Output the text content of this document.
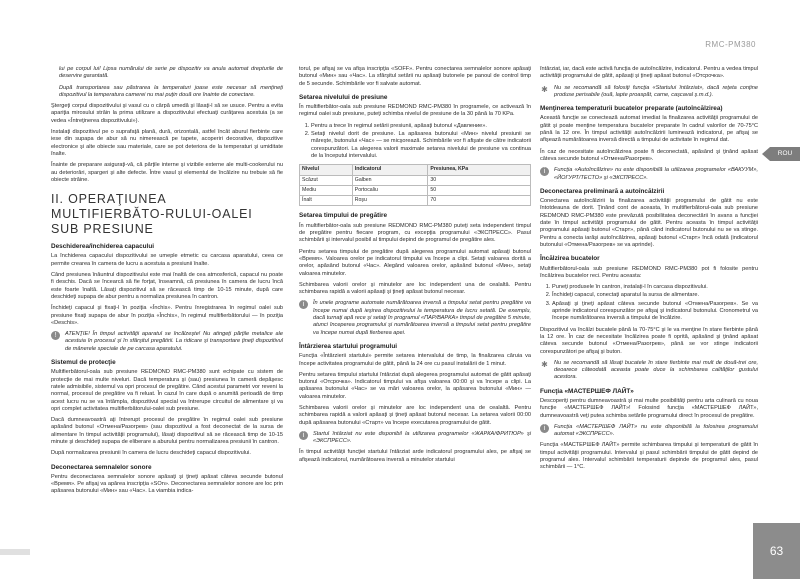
RMC-PM380
ROU
63

lui pe corpul lui! Lipsa numărului de serie pe dispozitiv va anula automat drepturile de deservire garantată.

După transportarea sau păstrarea la temperaturi joase este necesar să menţineţi dispozitivul la temperatura camerei nu mai puţin două ore înainte de conectare.

Ştergeţi corpul dispozitivului şi vasul cu o cârpă umedă şi lăsaţi-l să se usuce. Pentru a evita apariţia mirosului străin la prima utilizare a dispozitivului efectuaţi curăţarea acestuia (a se vedea «Întreţinerea dispozitivului»).

Instalaţi dispozitivul pe o suprafaţă plană, dură, orizontală, astfel încât aburul fierbinte care iese din supapa de abur să nu nimerească pe tapete, acoperiri decorative, dispozitive electronice şi alte obiecte sau materiale, care se pot deteriora de la temperaturi şi umiditate înalte.

Înainte de preparare asiguraţi-vă, că părţile interne şi vizibile externe ale multi-cookerului nu au deteriorări, spargeri şi alte defecte. Între vasul şi elementul de încălzire nu trebuie să fie obiecte străine.

II. OPERAŢIUNEA MULTIFIERBĂTO-RULUI-OALEI SUB PRESIUNE
Deschiderea/închiderea capacului

La închiderea capacului dispozitivului se umeple etmetic cu carcasa aparatului, ceea ce permite crearea în camera de lucru a acestuia a presiunii înalte.

Când presiunea înăuntrul dispozitivului este mai înaltă de cea atmosferică, capacul nu poate fi deschis. Dacă se încearcă să fie forţat, înseamnă, că presiunea în camera de lucru încă este foarte înaltă. Lăsaţi dispozitivul să se răcească timp de 10-15 minute, după care deschideţi supapa de abur pentru a normaliza presiunea în cantron.

Închideţi capacul şi fixaţi-l în poziţia «Închis». Pentru înregistrarea în regimul oalei sub presiune fixaţi supapa de abur în poziţia «Închis», în regimul multifierbătorului — în poziţia «Deschis».

!	ATENŢIE! În timpul activităţii aparatul se încălzeşte! Nu atingeţi părţile metalice ale acestuia în procesul şi în sfârşitul pregătirii. La ridicare şi transportare ţineţi dispozitivul de mânerele speciale de pe carcasa aparatului.
Sistemul de protecţie

Multifierbătorul-oala sub presiune REDMOND RMC-PM380 sunt echipate cu sistem de protecţie de mai multe niveluri. Dacă temperatura şi (sau) presiunea în cameră depăşesc ratele admisibile, sistemul va opri procesul de pregătire. Când acestui parametri vor reveni la normal, procesul de pregătire va fi reluat. În cazul în care după o anumită perioadă de timp acest lucru nu se va întâmpla, dispozitivul special va întrerupe circuitul de alimentare şi va opri complet activitatea multifierbătorului-oalei sub presiune.

Dacă dumneavoastră aţi întrerupt procesul de pregătire în regimul oalei sub presiune apăsând butonul «Отмена/Разогрев» (sau dispozitivul a fost deconectat de la sursa de alimentare în timpul activităţii programului), lăsaţi dispozitivul să se răcească timp de 10-15 minute şi deschideţi supapa de eliberare a aburului pentru normalizarea presiunii în cantron.

După normalizarea presiunii în camera de lucru deschideţi capacul dispozitivului.

Deconectarea semnalelor sonore

Pentru deconectarea semnalelor sonore apăsaţi şi ţineţi apăsat câteva secunde butonul «Время». Pe afişaj va apărea inscripţia «SOn». Deconectarea semnalelor sonore are loc prin apăsarea butonului «Мин» sau «Час». La viambia indica-

torul, pe afişaj se va afişa inscripţia «SOFF». Pentru conectarea semnalelor sonore apăsaţi butonul «Мин» sau «Час». La sfârşitul setării nu apăsaţi butonele pe panoul de control timp de 5 secunde. Schimbările vor fi salvate automat.

Setarea nivelului de presiune

În multifierbător-oala sub presiune REDMOND RMC-PM380 în programele, ce activează în regimul oalei sub presiune, puteţi schimba nivelul de presiune de la 30 până la 70 KPa.

1. Pentru a trece în regimul setării presiunii, apăsaţi butonul «Давление».
2. Setaţi nivelul dorit de presiune. La apăsarea butonului «Мин» nivelul presiunii se măreşte, butonului «Час» — se micşorează. Schimbările vor fi afişate de către indicatorii corespunzători. La alegerea valorii maximale setarea nivelului de presiune va continua de la începutul intervalului.
Nivelul	Indicatorul	Presiunea, KPa
Scăzut	Galben	30
Mediu	Portocaliu	50
Înalt	Roşu	70
Setarea timpului de pregătire

În multifierbător-oala sub presiune REDMOND RMC-PM380 puteţi seta independent timpul de pregătire pentru fiecare program, cu excepţia programului «ЭКСПРЕСС». Pasul schimbării şi intervalul posibil al timpului depind de programul de pregătire ales.

Pentru setarea timpului de pregătire după alegerea programului automat apăsaţi butonul «Время». Valoarea orelor pe indicatorul timpului va începe a clipi. Setaţi valoarea dorită a orelor, apăsând butonul «Час». Alegând valoarea orelor, apăsând butonul «Мин», setaţi valoarea minutelor.

Schimbarea valorii orelor şi minutelor are loc independent una de cealaltă. Pentru schimbarea rapidă a valorii apăsaţi şi ţineţi apăsat butonul necesar.

i	În unele programe automate numărătoarea inversă a timpului setat pentru pregătire va începe numai după ieşirea dispozitivului la temperatura de lucru setată. De exemplu, dacă turnaţi apă rece şi setaţi în programul «ПАР/ВАРКА» timpul de pregătire 5 minute, atunci începerea programului şi numărătoarea inversă a timpului setat pentru pregătire va începe numai după fierberea apei.
Întârzierea startului programului

Funcţia «Întârzierii startului» permite setarea intervalului de timp, la finalizarea căruia va începe activitatea programului de gătit, până la 24 ore cu pasul instalării de 1 minut.

Pentru setarea timpului startului întârziat după alegerea programului automat de gătit apăsaţi butonul «Отсрочка». Indicatorul timpului va afişa valoarea 00:00 şi va începe a clipi. La apăsarea butonului «Час» se va mări valoarea orelor, la apăsarea butonului «Мин» — valoarea minutelor.

Schimbarea valorii orelor şi minutelor are loc independent una de cealaltă. Pentru schimbarea rapidă a valorii apăsaţi şi ţineţi apăsat butonul necesar. La setarea valorii 00:00 după apăsarea butonului «Старт» va începe executarea programului de gătit.

i	Startul întârziat nu este disponibil la utilizarea programelor «ЖАРКА/ФРИТЮР» şi «ЭКСПРЕСС».

În timpul activităţii funcţiei startului întârziat arde indicatorul programului ales, pe afişaj se afişează indicatorul, numărătoarea inversă a minutelor startului

întârziat, iar, dacă este activă funcţia de autoîncălzire, indicatorul. Pentru a vedea timpul activităţii programului de gătit, apăsaţi şi ţineţi apăsat butonul «Отсрочка».

✱ Nu se recomandă să folosiţi funcţia «Startului întârziat», dacă reţeta conţine produse perisabile (ouă, lapte proaspăt, carne, caşcaval ş.m.d.).
Menţinerea temperaturii bucatelor preparate (autoîncălzirea)

Această funcţie se conectează automat imediat la finalizarea activităţii programului de gătit şi poate menţine temperatura bucatelor preparate în cadrul valorilor de 70-75°C până la 12 ore. În timpul activităţii autoîncălzirii luminează indicatorul, pe afişaj se afişează numărătoarea inversă directă a timpului de activitate în regimul dat.

În caz de necesitate autoîncălzirea poate fi deconectată, apăsând şi ţinând apăsat câteva secunde butonul «Отмена/Разогрев».

i	Funcţia «Autoîncălzire» nu este disponibilă la utilizarea programelor «ВАКУУМ», «ЙОГУРТ/ТЕСТО» şi «ЭКСПРЕСС».
Deconectarea preliminară a autoîncălzirii

Conectarea autoîncălzirii la finalizarea activităţii programului de gătit nu este întotdeauna de dorit. Ţinând cont de aceasta, în multifierbătorul-oala sub presiune REDMOND RMC-PM380 este prevăzută posibilitatea deconectării în avans a funcţiei date în timpul activităţii programului de gătit. Pentru aceasta în timpul activităţii programului apăsaţi butonul «Старт», până când indicatorul butonului nu se va stinge. Pentru a conecta iarăşi autoîncălzirea, apăsaţi butonul «Старт» încă odată (indicatorul butonului «Отмена/Разогрев» se va aprinde).

Încălzirea bucatelor

Multifierbătorul-oala sub presiune REDMOND RMC-PM380 pot fi folosite pentru încălzirea bucatelor reci. Pentru aceasta:

1. Puneţi produsele în cantron, instalaţi-l în carcasa dispozitivului.
2. Închideţi capacul, conectaţi aparatul la sursa de alimentare.
3. Apăsaţi şi ţineţi apăsat câteva secunde butonul «Отмена/Разогрев». Se va aprinde indicatorul corespunzător pe afişaj şi indicatorul butonului. Cronometrul va începe numărătoarea inversă a timpului de încălzire.

Dispozitivul va încălzi bucatele până la 70-75°C şi le va menţine în stare fierbinte până la 12 ore. În caz de necesitate încălzirea poate fi oprită, apăsând şi ţinând apăsat câteva secunde butonul «Отмена/Разогрев», până se vor stinge indicatorii corespunzători pe afişaj şi buton.

✱ Nu se recomandă să lăsaţi bucatele în stare fierbinte mai mult de două-trei ore, deoarece câteodată aceasta poate duce la schimbarea calităţilor gustului acestora.
Funcţia «МАСТЕРШЕФ ЛАЙТ»

Descoperiţi pentru dumneavoastră şi mai multe posibilităţi pentru arta culinară cu noua funcţie «МАСТЕРШЕФ ЛАЙТ»! Folosind funcţia «МАСТЕРШЕФ ЛАЙТ», dumneavoastră veţi putea schimba setările programului direct în procesul de pregătire.

i	Funcţia «МАСТЕРШЕФ ЛАЙТ» nu este disponibilă la folosirea programului automat «ЭКСПРЕСС».

Funcţia «МАСТЕРШЕФ ЛАЙТ» permite schimbarea timpului şi temperaturii de gătit în timpul activităţii programului. Intervalul şi pasul schimbării timpului de gătit depind de programul ales. Intervalul schimbării temperaturii depinde de programul ales, pasul schimbării — 1°C.
